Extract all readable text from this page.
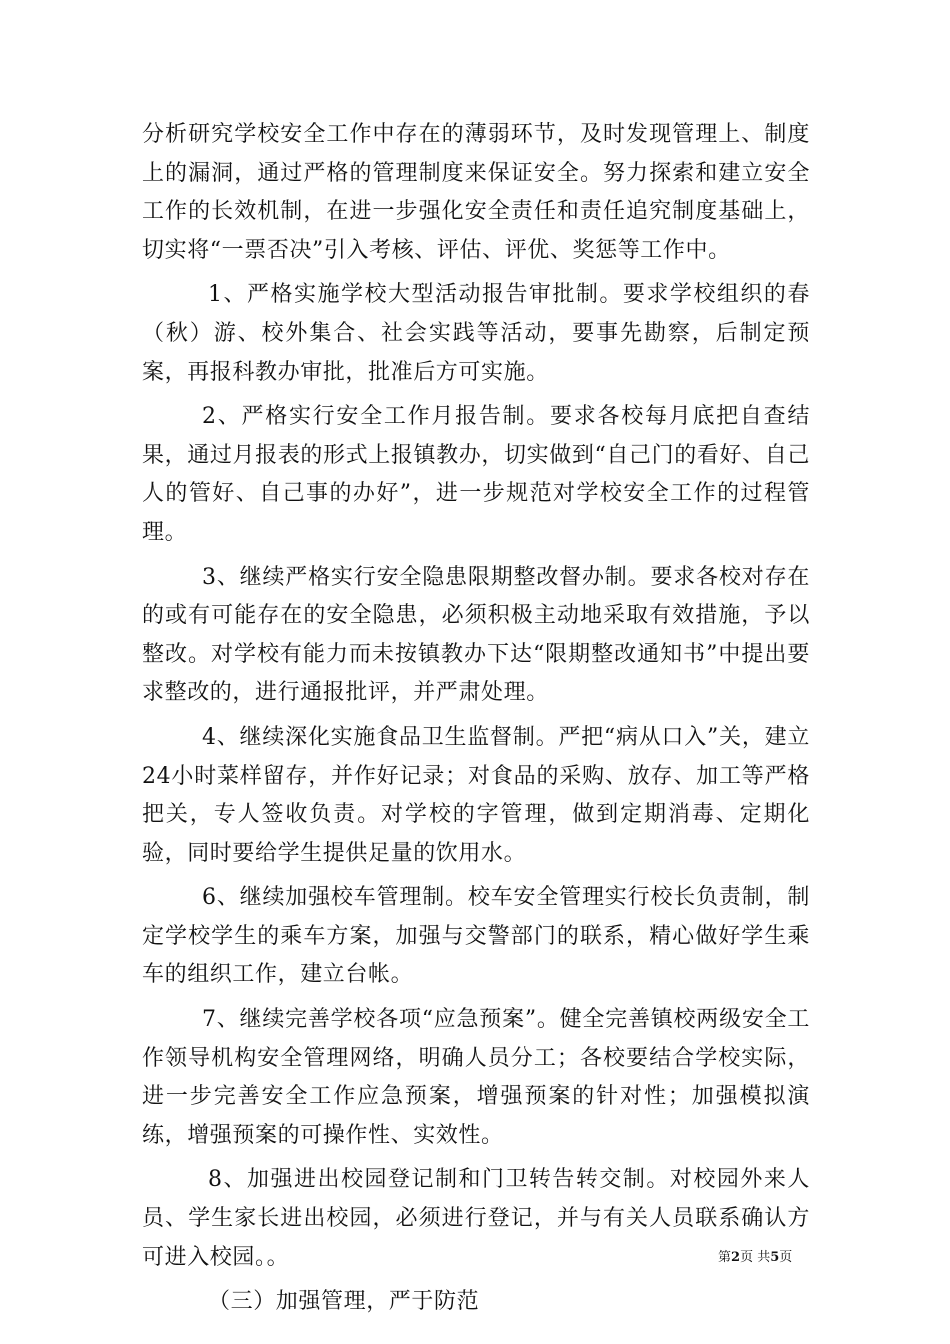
分析研究学校安全工作中存在的薄弱环节，及时发现管理上、制度上的漏洞，通过严格的管理制度来保证安全。努力探索和建立安全工作的长效机制，在进一步强化安全责任和责任追究制度基础上，切实将“一票否决”引入考核、评估、评优、奖惩等工作中。

1、严格实施学校大型活动报告审批制。要求学校组织的春（秋）游、校外集合、社会实践等活动，要事先勘察，后制定预案，再报科教办审批，批准后方可实施。

2、严格实行安全工作月报告制。要求各校每月底把自查结果，通过月报表的形式上报镇教办，切实做到“自己门的看好、自己人的管好、自己事的办好”，进一步规范对学校安全工作的过程管理。

3、继续严格实行安全隐患限期整改督办制。要求各校对存在的或有可能存在的安全隐患，必须积极主动地采取有效措施，予以整改。对学校有能力而未按镇教办下达“限期整改通知书”中提出要求整改的，进行通报批评，并严肃处理。

4、继续深化实施食品卫生监督制。严把“病从口入”关，建立24小时菜样留存，并作好记录；对食品的采购、放存、加工等严格把关，专人签收负责。对学校的字管理，做到定期消毒、定期化验，同时要给学生提供足量的饮用水。

6、继续加强校车管理制。校车安全管理实行校长负责制，制定学校学生的乘车方案，加强与交警部门的联系，精心做好学生乘车的组织工作，建立台帐。

7、继续完善学校各项“应急预案”。健全完善镇校两级安全工作领导机构安全管理网络，明确人员分工；各校要结合学校实际，进一步完善安全工作应急预案，增强预案的针对性；加强模拟演练，增强预案的可操作性、实效性。

8、加强进出校园登记制和门卫转告转交制。对校园外来人员、学生家长进出校园，必须进行登记，并与有关人员联系确认方可进入校园。。

（三）加强管理，严于防范

第2页 共5页
